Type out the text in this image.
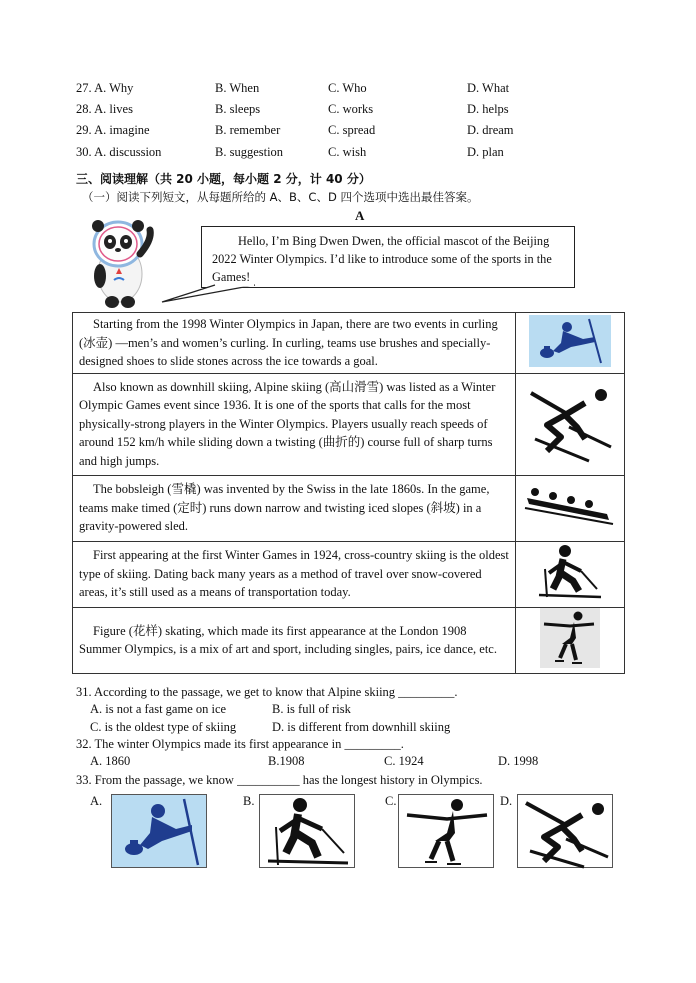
27. A. Why	B. When	C. Who	D. What
28. A. lives	B. sleeps	C. works	D. helps
29. A. imagine	B. remember	C. spread	D. dream
30. A. discussion	B. suggestion	C. wish	D. plan
三、阅读理解（共 20 小题，每小题 2 分，计 40 分）
（一）阅读下列短文，从每题所给的 A、B、C、D 四个选项中选出最佳答案。
A

Hello, I’m Bing Dwen Dwen, the official mascot of the Beijing 2022 Winter Olympics. I’d like to introduce some of the sports in the Games!

Starting from the 1998 Winter Olympics in Japan, there are two events in curling (冰壶) —men’s and women’s curling. In curling, teams use brushes and specially-designed shoes to slide stones across the ice towards a goal.	
Also known as downhill skiing, Alpine skiing (高山滑雪) was listed as a Winter Olympic Games event since 1936. It is one of the sports that calls for the most physically-strong players in the Winter Olympics. Players usually reach speeds of around 152 km/h while sliding down a twisting (曲折的) course full of sharp turns and high jumps.	
The bobsleigh (雪橇) was invented by the Swiss in the late 1860s. In the game, teams make timed (定时) runs down narrow and twisting iced slopes (斜坡) in a gravity-powered sled.	
First appearing at the first Winter Games in 1924, cross-country skiing is the oldest type of skiing. Dating back many years as a method of travel over snow-covered areas, it’s still used as a means of transportation today.	
Figure (花样) skating, which made its first appearance at the London 1908 Summer Olympics, is a mix of art and sport, including singles, pairs, ice dance, etc.	
31. According to the passage, we get to know that Alpine skiing _________.
A. is not a fast game on ice	B. is full of risk
C. is the oldest type of skiing	D. is different from downhill skiing
32. The winter Olympics made its first appearance in _________.
A. 1860	B.1908	C. 1924	D. 1998
33. From the passage, we know __________ has the longest history in Olympics.
A.	B.	C.	D.
